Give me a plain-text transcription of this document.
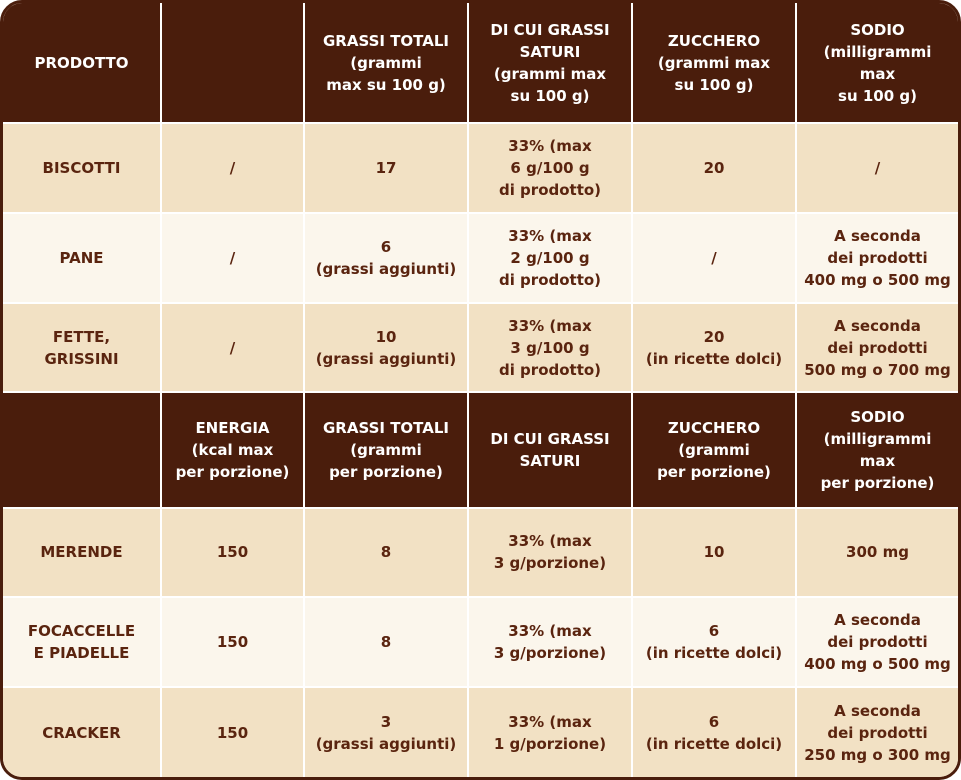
PRODOTTO		GRASSI TOTALI
(grammi
max su 100 g)	DI CUI GRASSI
SATURI
(grammi max
su 100 g)	ZUCCHERO
(grammi max
su 100 g)	SODIO
(milligrammi
max
su 100 g)

BISCOTTI	/	17	33% (max
6 g/100 g
di prodotto)	20	/

PANE	/	6
(grassi aggiunti)	33% (max
2 g/100 g
di prodotto)	/	A seconda
dei prodotti
400 mg o 500 mg

FETTE,
GRISSINI	/	10
(grassi aggiunti)	33% (max
3 g/100 g
di prodotto)	20
(in ricette dolci)	A seconda
dei prodotti
500 mg o 700 mg

	ENERGIA
(kcal max
per porzione)	GRASSI TOTALI
(grammi
per porzione)	DI CUI GRASSI
SATURI	ZUCCHERO
(grammi
per porzione)	SODIO
(milligrammi
max
per porzione)

MERENDE	150	8	33% (max
3 g/porzione)	10	300 mg

FOCACCELLE
E PIADELLE	150	8	33% (max
3 g/porzione)	6
(in ricette dolci)	A seconda
dei prodotti
400 mg o 500 mg

CRACKER	150	3
(grassi aggiunti)	33% (max
1 g/porzione)	6
(in ricette dolci)	A seconda
dei prodotti
250 mg o 300 mg
